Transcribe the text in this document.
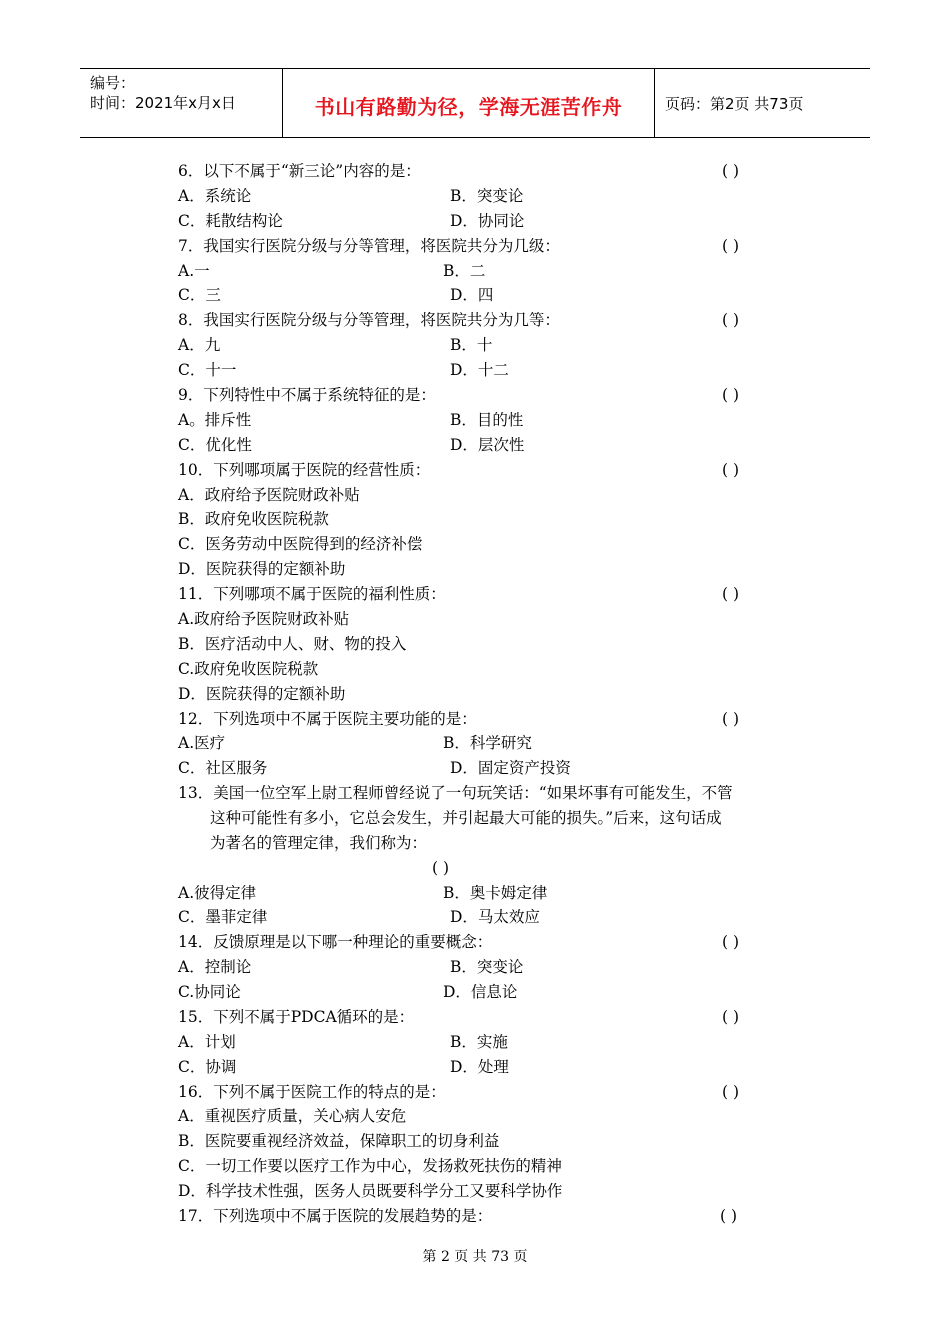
编号：
时间：2021年x月x日	书山有路勤为径，学海无涯苦作舟	页码：第2页 共73页
6．以下不属于“新三论”内容的是：	( )
A．系统论	B．突变论
C．耗散结构论	D．协同论
7．我国实行医院分级与分等管理，将医院共分为几级：	( )
A.一	B．二
C．三	D．四
8．我国实行医院分级与分等管理，将医院共分为几等：	( )
A．九	B．十
C．十一	D．十二
9．下列特性中不属于系统特征的是：	( )
A。排斥性	B．目的性
C．优化性	D．层次性
10．下列哪项属于医院的经营性质：	( )
A．政府给予医院财政补贴
B．政府免收医院税款
C．医务劳动中医院得到的经济补偿
D．医院获得的定额补助
11．下列哪项不属于医院的福利性质：	( )
A.政府给予医院财政补贴
B．医疗活动中人、财、物的投入
C.政府免收医院税款
D．医院获得的定额补助
12．下列选项中不属于医院主要功能的是：	( )
A.医疗	B．科学研究
C．社区服务	D．固定资产投资
13．美国一位空军上尉工程师曾经说了一句玩笑话：“如果坏事有可能发生，不管
这种可能性有多小，它总会发生，并引起最大可能的损失。”后来，这句话成
为著名的管理定律，我们称为：
( )
A.彼得定律	B．奥卡姆定律
C．墨菲定律	D．马太效应
14．反馈原理是以下哪一种理论的重要概念：	( )
A．控制论	B．突变论
C.协同论	D．信息论
15．下列不属于PDCA循环的是：	( )
A．计划	B．实施
C．协调	D．处理
16．下列不属于医院工作的特点的是：	( )
A．重视医疗质量，关心病人安危
B．医院要重视经济效益，保障职工的切身利益
C．一切工作要以医疗工作为中心，发扬救死扶伤的精神
D．科学技术性强，医务人员既要科学分工又要科学协作
17．下列选项中不属于医院的发展趋势的是：	( )
第 2 页 共 73 页
